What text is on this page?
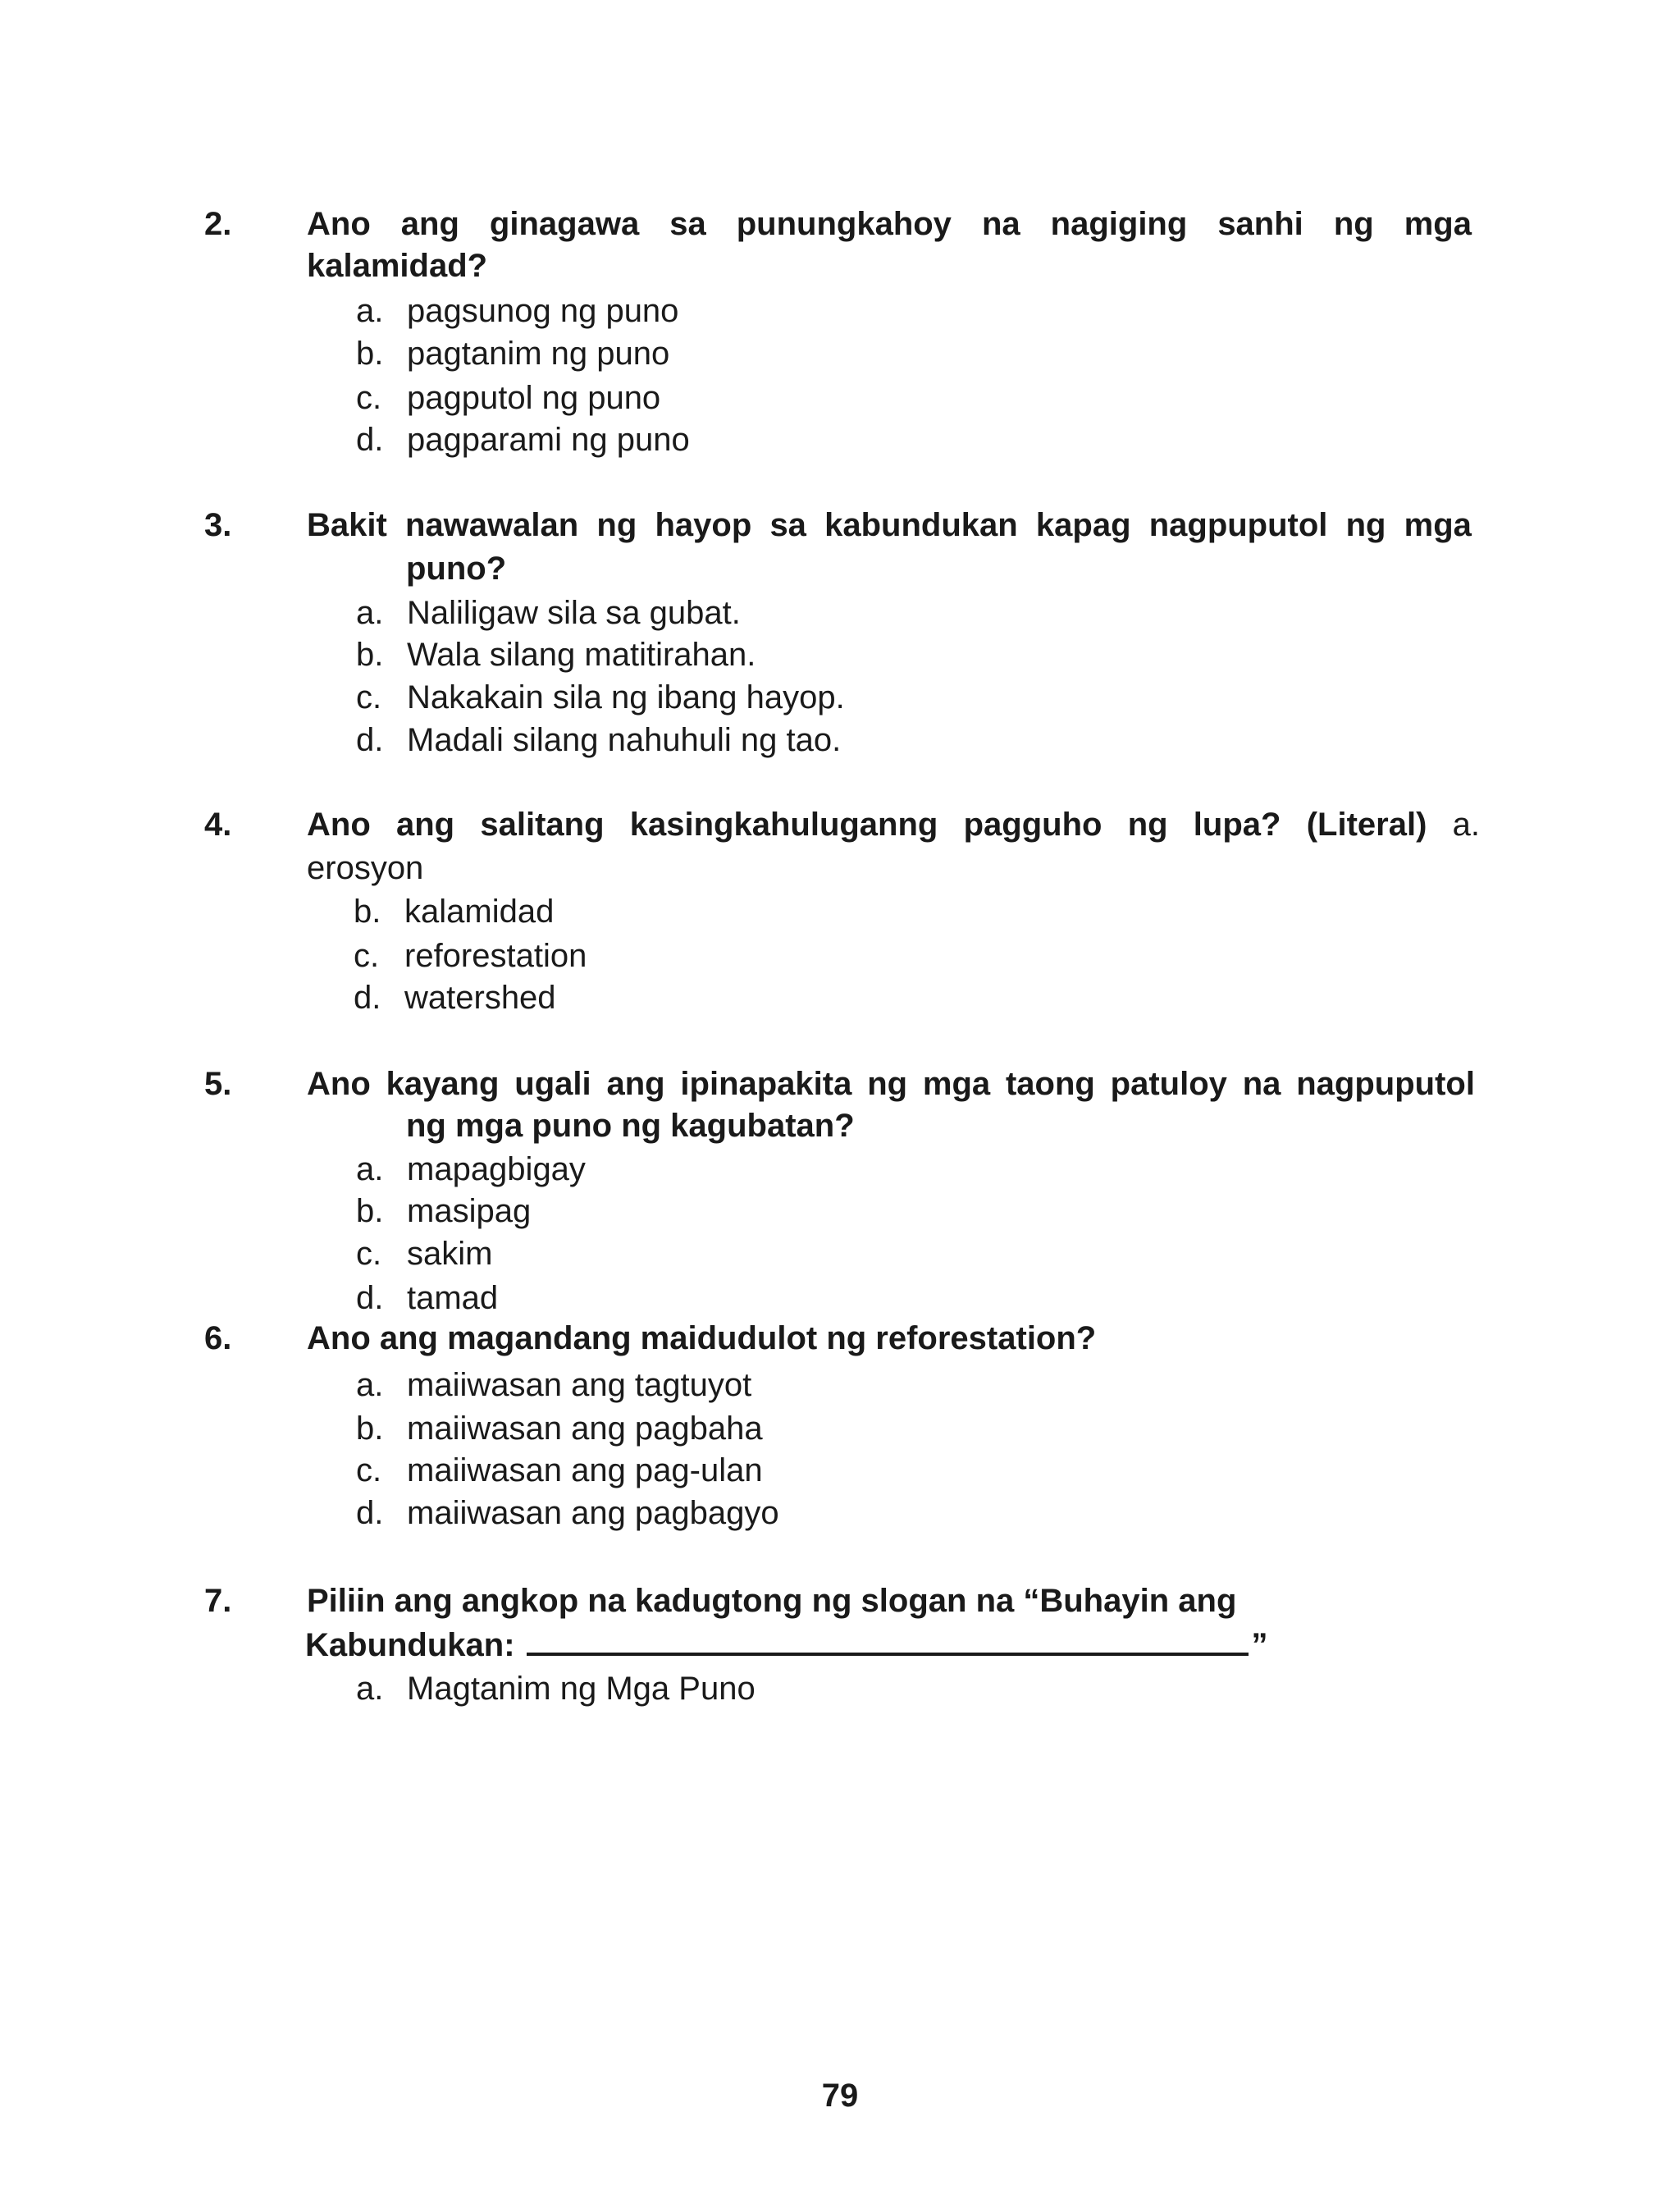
2. Ano ang ginagawa sa punungkahoy na nagiging sanhi ng mga
kalamidad?
a. pagsunog ng puno
b. pagtanim ng puno
c. pagputol ng puno
d. pagparami ng puno
3. Bakit nawawalan ng hayop sa kabundukan kapag nagpuputol ng mga
puno?
a. Naliligaw sila sa gubat.
b. Wala silang matitirahan.
c. Nakakain sila ng ibang hayop.
d. Madali silang nahuhuli ng tao.
4. Ano ang salitang kasingkahuluganng pagguho ng lupa? (Literal) a.
erosyon
b. kalamidad
c. reforestation
d. watershed
5. Ano kayang ugali ang ipinapakita ng mga taong patuloy na nagpuputol
ng mga puno ng kagubatan?
a. mapagbigay
b. masipag
c. sakim
d. tamad
6. Ano ang magandang maidudulot ng reforestation?
a. maiiwasan ang tagtuyot
b. maiiwasan ang pagbaha
c. maiiwasan ang pag-ulan
d. maiiwasan ang pagbagyo
7. Piliin ang angkop na kadugtong ng slogan na “Buhayin ang
Kabundukan:	”
a. Magtanim ng Mga Puno
79
